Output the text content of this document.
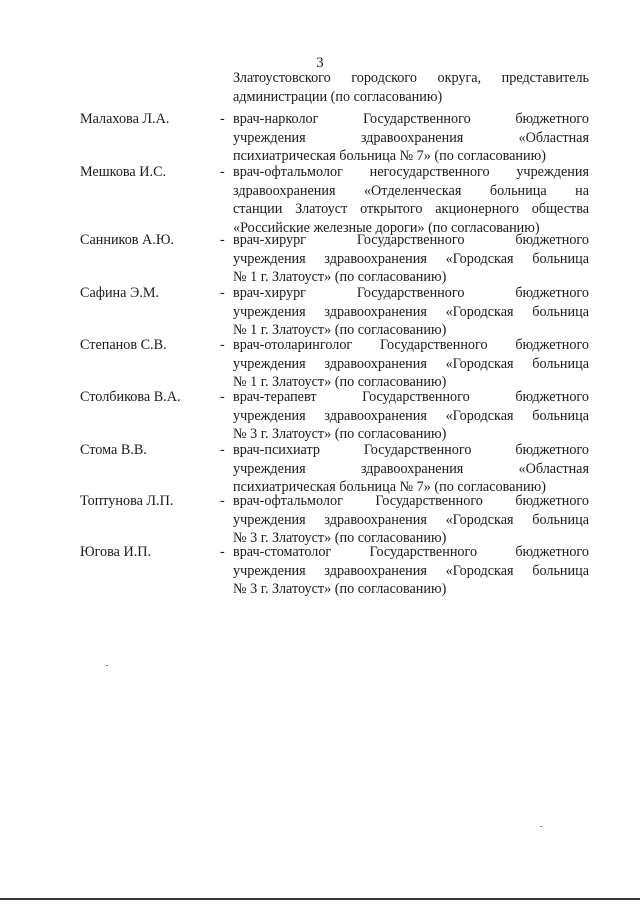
3
Златоустовского городского округа, представитель
администрации (по согласованию)
Малахова Л.А.	- врач-нарколог Государственного бюджетного
учреждения здравоохранения «Областная
психиатрическая больница № 7» (по согласованию)
Мешкова И.С.	- врач-офтальмолог негосударственного учреждения
здравоохранения «Отделенческая больница на
станции Златоуст открытого акционерного общества
«Российские железные дороги» (по согласованию)
Санников А.Ю.	- врач-хирург Государственного бюджетного
учреждения здравоохранения «Городская больница
№ 1 г. Златоуст» (по согласованию)
Сафина Э.М.	- врач-хирург Государственного бюджетного
учреждения здравоохранения «Городская больница
№ 1 г. Златоуст» (по согласованию)
Степанов С.В.	- врач-отоларинголог Государственного бюджетного
учреждения здравоохранения «Городская больница
№ 1 г. Златоуст» (по согласованию)
Столбикова В.А.	- врач-терапевт Государственного бюджетного
учреждения здравоохранения «Городская больница
№ 3 г. Златоуст» (по согласованию)
Стома В.В.	- врач-психиатр Государственного бюджетного
учреждения здравоохранения «Областная
психиатрическая больница № 7» (по согласованию)
Топтунова Л.П.	- врач-офтальмолог Государственного бюджетного
учреждения здравоохранения «Городская больница
№ 3 г. Златоуст» (по согласованию)
Югова И.П.	- врач-стоматолог Государственного бюджетного
учреждения здравоохранения «Городская больница
№ 3 г. Златоуст» (по согласованию)
